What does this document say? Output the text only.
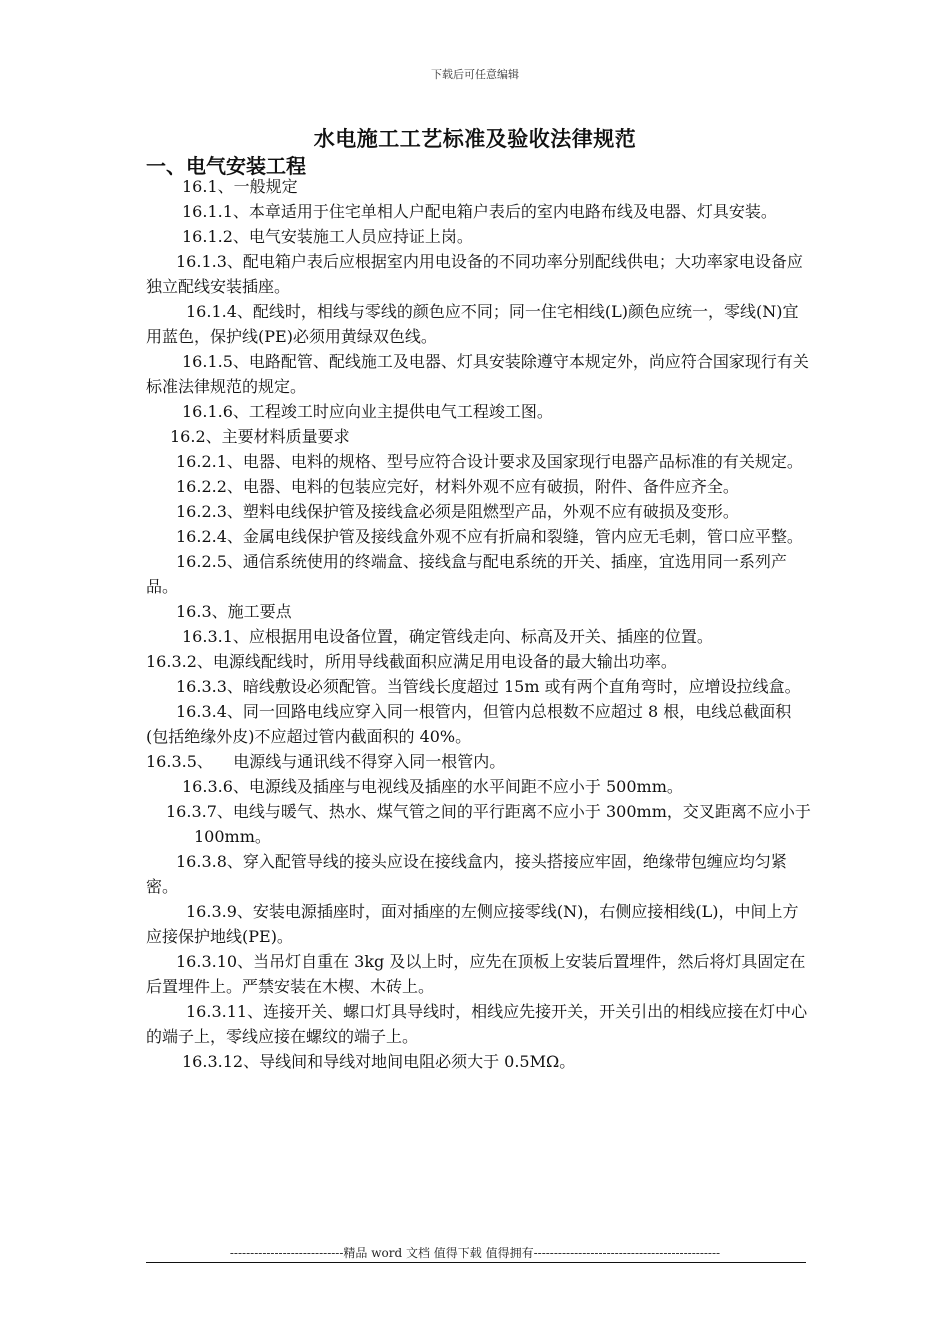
下载后可任意编辑
水电施工工艺标准及验收法律规范
一、电气安装工程

16.1、一般规定

16.1.1、本章适用于住宅单相人户配电箱户表后的室内电路布线及电器、灯具安装。

16.1.2、电气安装施工人员应持证上岗。

16.1.3、配电箱户表后应根据室内用电设备的不同功率分别配线供电；大功率家电设备应独立配线安装插座。

16.1.4、配线时，相线与零线的颜色应不同；同一住宅相线(L)颜色应统一，零线(N)宜用蓝色，保护线(PE)必须用黄绿双色线。

16.1.5、电路配管、配线施工及电器、灯具安装除遵守本规定外，尚应符合国家现行有关标准法律规范的规定。

16.1.6、工程竣工时应向业主提供电气工程竣工图。

16.2、主要材料质量要求

16.2.1、电器、电料的规格、型号应符合设计要求及国家现行电器产品标准的有关规定。

16.2.2、电器、电料的包装应完好，材料外观不应有破损，附件、备件应齐全。

16.2.3、塑料电线保护管及接线盒必须是阻燃型产品，外观不应有破损及变形。

16.2.4、金属电线保护管及接线盒外观不应有折扁和裂缝，管内应无毛刺，管口应平整。

16.2.5、通信系统使用的终端盒、接线盒与配电系统的开关、插座，宜选用同一系列产品。

16.3、施工要点

16.3.1、应根据用电设备位置，确定管线走向、标高及开关、插座的位置。

16.3.2、电源线配线时，所用导线截面积应满足用电设备的最大输出功率。

16.3.3、暗线敷设必须配管。当管线长度超过 15m 或有两个直角弯时，应增设拉线盒。

16.3.4、同一回路电线应穿入同一根管内，但管内总根数不应超过 8 根，电线总截面积(包括绝缘外皮)不应超过管内截面积的 40%。

16.3.5、    电源线与通讯线不得穿入同一根管内。

16.3.6、电源线及插座与电视线及插座的水平间距不应小于 500mm。

16.3.7、电线与暖气、热水、煤气管之间的平行距离不应小于 300mm，交叉距离不应小于 100mm。

16.3.8、穿入配管导线的接头应设在接线盒内，接头搭接应牢固，绝缘带包缠应均匀紧密。

16.3.9、安装电源插座时，面对插座的左侧应接零线(N)，右侧应接相线(L)，中间上方应接保护地线(PE)。

16.3.10、当吊灯自重在 3kg 及以上时，应先在顶板上安装后置埋件，然后将灯具固定在后置埋件上。严禁安装在木楔、木砖上。

16.3.11、连接开关、螺口灯具导线时，相线应先接开关，开关引出的相线应接在灯中心的端子上，零线应接在螺纹的端子上。

16.3.12、导线间和导线对地间电阻必须大于 0.5MΩ。

----------------------------精品 word 文档 值得下载 值得拥有----------------------------------------------
